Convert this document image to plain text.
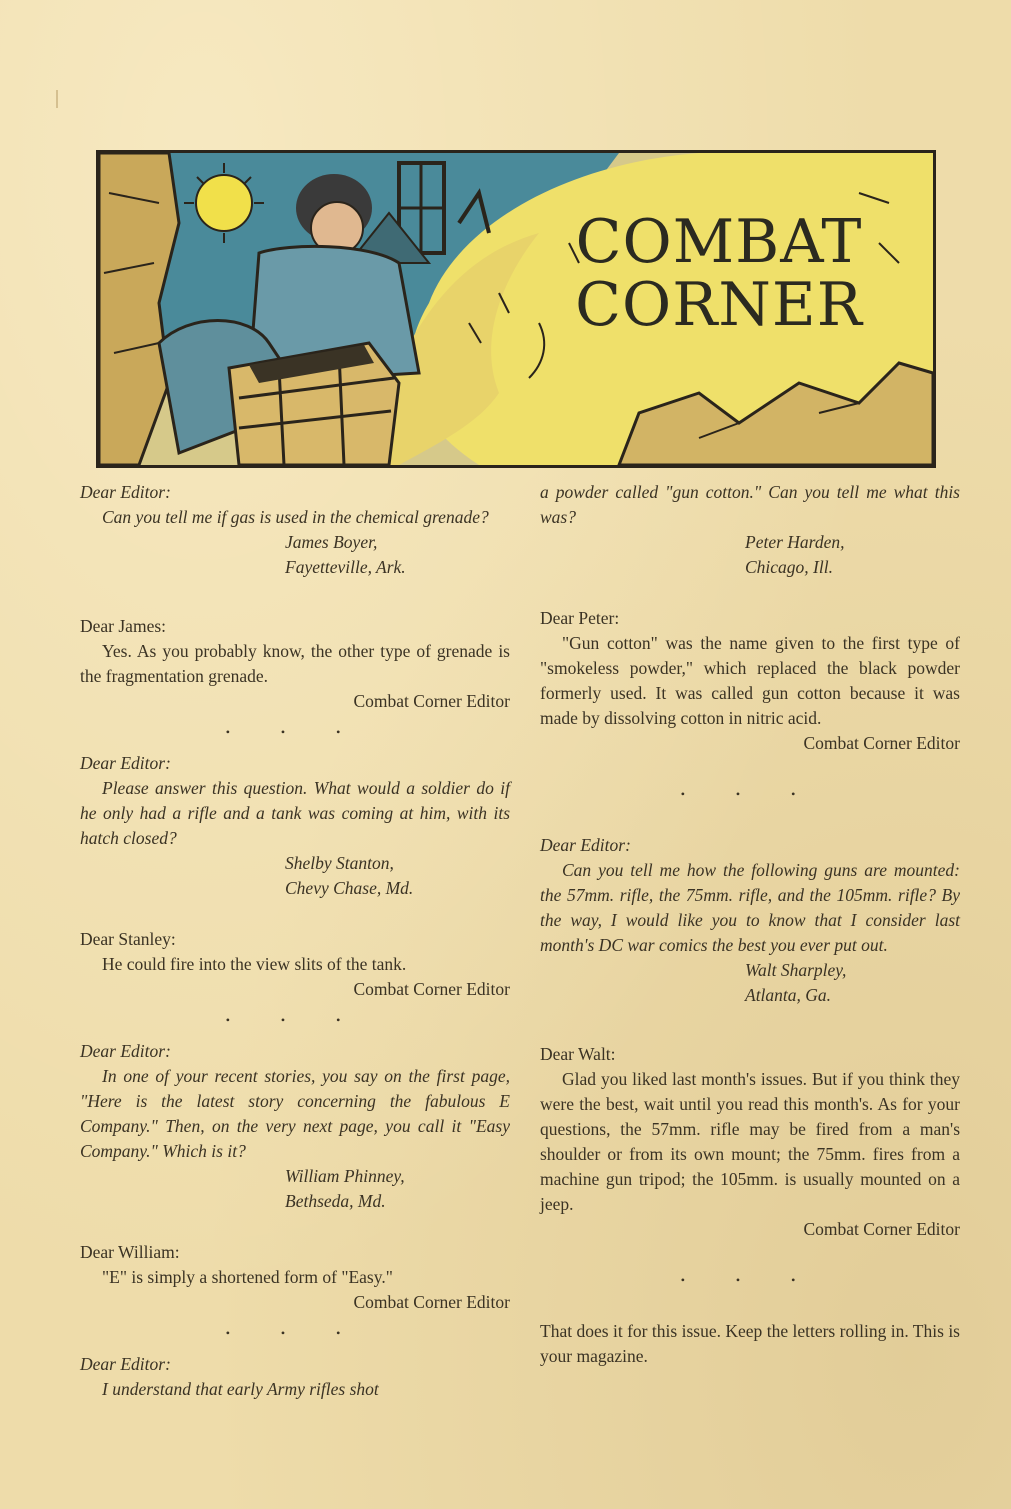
COMBAT
CORNER

Dear Editor:

Can you tell me if gas is used in the chemical grenade?

James Boyer,

Fayetteville, Ark.

Dear James:

Yes. As you probably know, the other type of grenade is the fragmentation grenade.

Combat Corner Editor

• • •

Dear Editor:

Please answer this question. What would a soldier do if he only had a rifle and a tank was coming at him, with its hatch closed?

Shelby Stanton,

Chevy Chase, Md.

Dear Stanley:

He could fire into the view slits of the tank.

Combat Corner Editor

• • •

Dear Editor:

In one of your recent stories, you say on the first page, "Here is the latest story concerning the fabulous E Company." Then, on the very next page, you call it "Easy Company." Which is it?

William Phinney,

Bethseda, Md.

Dear William:

"E" is simply a shortened form of "Easy."

Combat Corner Editor

• • •

Dear Editor:

I understand that early Army rifles shot

a powder called "gun cotton." Can you tell me what this was?

Peter Harden,

Chicago, Ill.

Dear Peter:

"Gun cotton" was the name given to the first type of "smokeless powder," which replaced the black powder formerly used. It was called gun cotton because it was made by dissolving cotton in nitric acid.

Combat Corner Editor

• • •

Dear Editor:

Can you tell me how the following guns are mounted: the 57mm. rifle, the 75mm. rifle, and the 105mm. rifle? By the way, I would like you to know that I consider last month's DC war comics the best you ever put out.

Walt Sharpley,

Atlanta, Ga.

Dear Walt:

Glad you liked last month's issues. But if you think they were the best, wait until you read this month's. As for your questions, the 57mm. rifle may be fired from a man's shoulder or from its own mount; the 75mm. fires from a machine gun tripod; the 105mm. is usually mounted on a jeep.

Combat Corner Editor

• • •

That does it for this issue. Keep the letters rolling in. This is your magazine.
